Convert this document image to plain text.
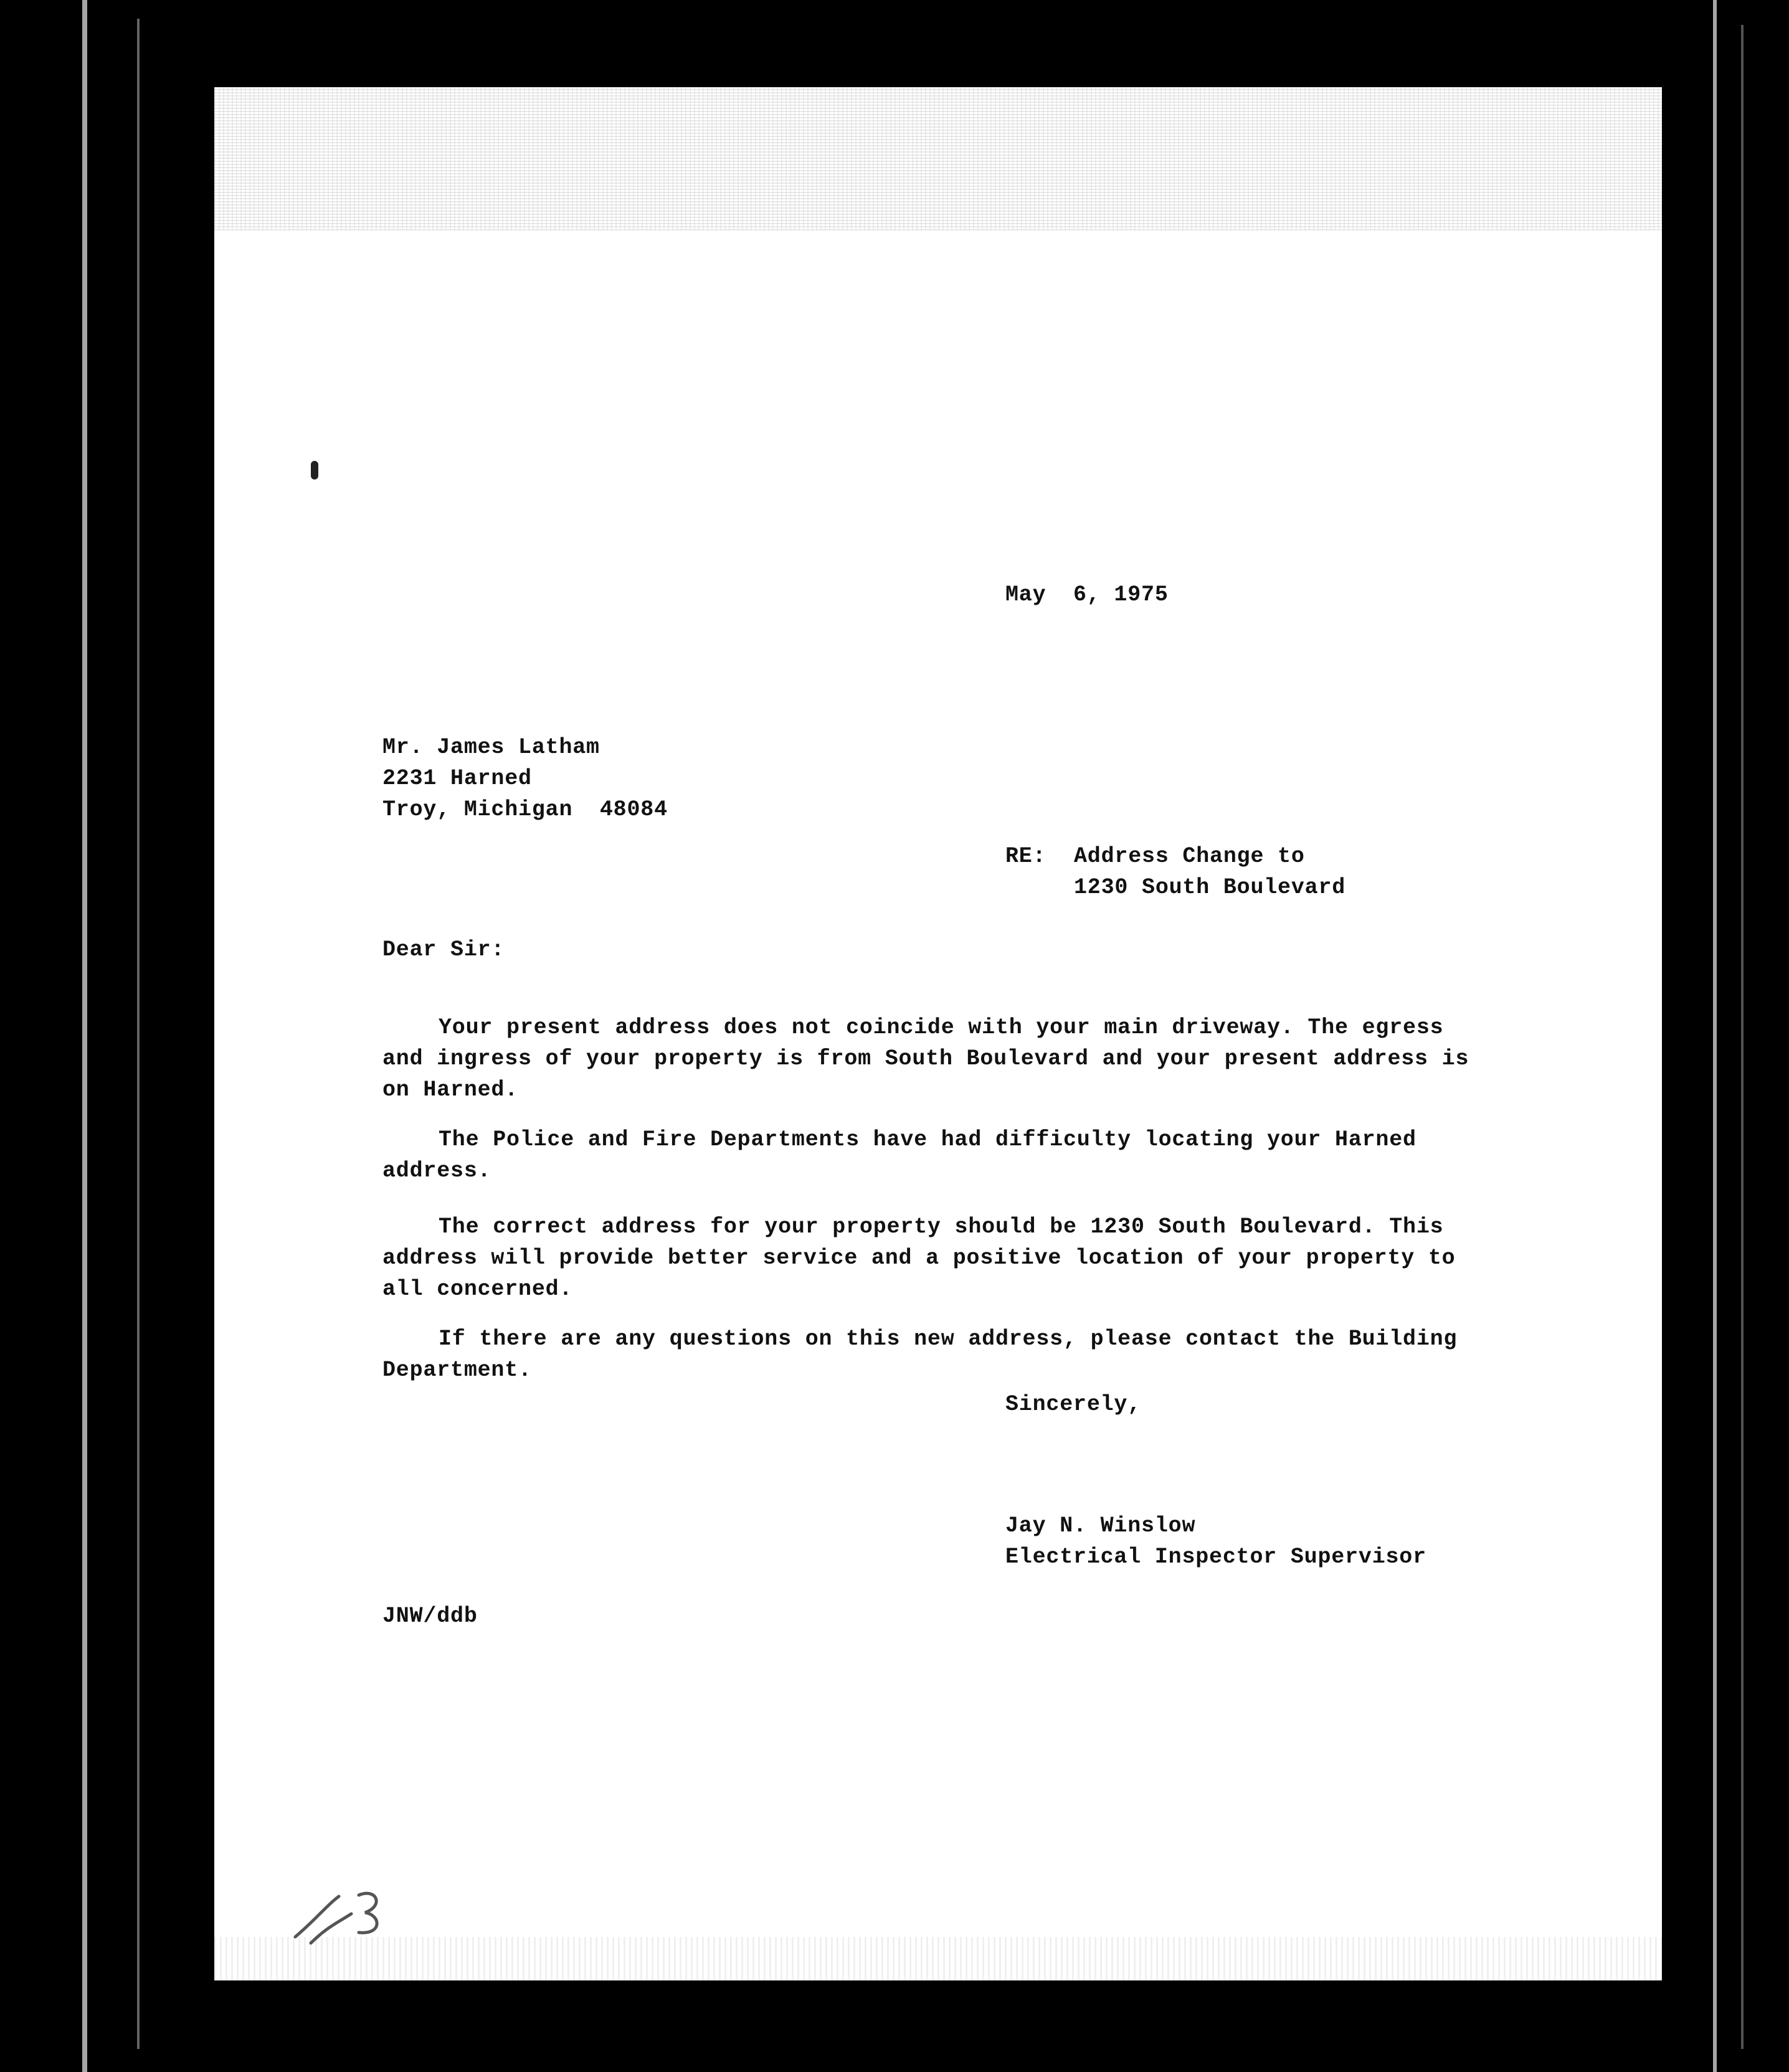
May  6, 1975
Mr. James Latham
2231 Harned
Troy, Michigan  48084
RE: Address Change to
1230 South Boulevard
Dear Sir:

Your present address does not coincide with your main driveway. The egress and ingress of your property is from South Boulevard and your present address is on Harned.

The Police and Fire Departments have had difficulty locating your Harned address.

The correct address for your property should be 1230 South Boulevard. This address will provide better service and a positive location of your property to all concerned.

If there are any questions on this new address, please contact the Building Department.

Sincerely,
Jay N. Winslow
Electrical Inspector Supervisor
JNW/ddb
